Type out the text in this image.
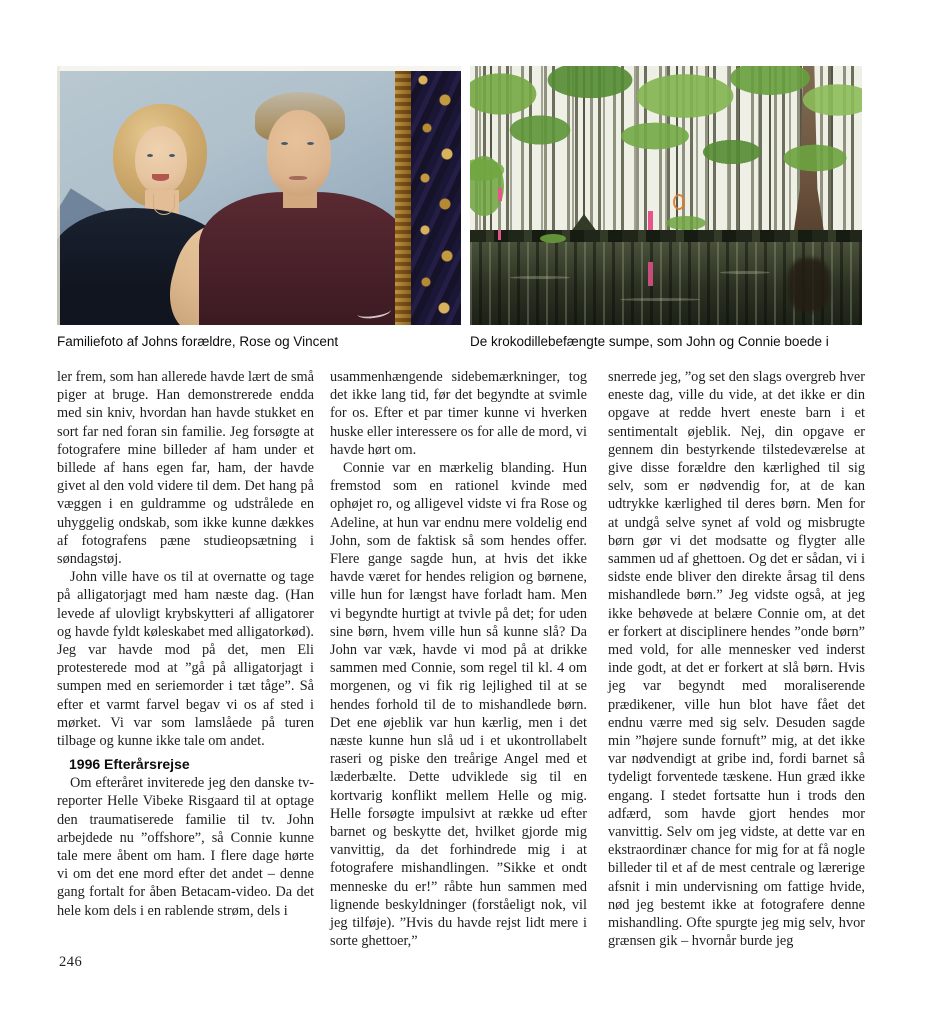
Familiefoto af Johns forældre, Rose og Vincent	De krokodillebefængte sumpe, som John og Connie boede i

ler frem, som han allerede havde lært de små piger at bruge. Han demonstrerede endda med sin kniv, hvordan han havde stukket en sort far ned foran sin familie. Jeg forsøgte at fotografere mine billeder af ham under et billede af hans egen far, ham, der havde givet al den vold videre til dem. Det hang på væggen i en guldramme og udstrålede en uhyggelig ondskab, som ikke kunne dækkes af fotografens pæne studieopsætning i søndagstøj.

John ville have os til at overnatte og tage på alligatorjagt med ham næste dag. (Han levede af ulovligt krybskytteri af alligatorer og havde fyldt køleskabet med alligatorkød). Jeg var havde mod på det, men Eli protesterede mod at ”gå på alligatorjagt i sumpen med en seriemorder i tæt tåge”. Så efter et varmt farvel begav vi os af sted i mørket. Vi var som lamslåede på turen tilbage og kunne ikke tale om andet.

1996 Efterårsrejse

Om efteråret inviterede jeg den danske tv-reporter Helle Vibeke Risgaard til at optage den traumatiserede familie til tv. John arbejdede nu ”offshore”, så Connie kunne tale mere åbent om ham. I flere dage hørte vi om det ene mord efter det andet – denne gang fortalt for åben Betacam-video. Da det hele kom dels i en rablende strøm, dels i

usammenhængende sidebemærkninger, tog det ikke lang tid, før det begyndte at svimle for os. Efter et par timer kunne vi hverken huske eller interessere os for alle de mord, vi havde hørt om.

Connie var en mærkelig blanding. Hun fremstod som en rationel kvinde med ophøjet ro, og alligevel vidste vi fra Rose og Adeline, at hun var endnu mere voldelig end John, som de faktisk så som hendes offer. Flere gange sagde hun, at hvis det ikke havde været for hendes religion og børnene, ville hun for længst have forladt ham. Men vi begyndte hurtigt at tvivle på det; for uden sine børn, hvem ville hun så kunne slå? Da John var væk, havde vi mod på at drikke sammen med Connie, som regel til kl. 4 om morgenen, og vi fik rig lejlighed til at se hendes forhold til de to mishandlede børn. Det ene øjeblik var hun kærlig, men i det næste kunne hun slå ud i et ukontrollabelt raseri og piske den treårige Angel med et læderbælte. Dette udviklede sig til en kortvarig konflikt mellem Helle og mig. Helle forsøgte impulsivt at række ud efter barnet og beskytte det, hvilket gjorde mig vanvittig, da det forhindrede mig i at fotografere mishandlingen. ”Sikke et ondt menneske du er!” råbte hun sammen med lignende beskyldninger (forståeligt nok, vil jeg tilføje). ”Hvis du havde rejst lidt mere i sorte ghettoer,”

snerrede jeg, ”og set den slags overgreb hver eneste dag, ville du vide, at det ikke er din opgave at redde hvert eneste barn i et sentimentalt øjeblik. Nej, din opgave er gennem din bestyrkende tilstedeværelse at give disse forældre den kærlighed til sig selv, som er nødvendig for, at de kan udtrykke kærlighed til deres børn. Men for at undgå selve synet af vold og misbrugte børn gør vi det modsatte og flygter alle sammen ud af ghettoen. Og det er sådan, vi i sidste ende bliver den direkte årsag til dens mishandlede børn.” Jeg vidste også, at jeg ikke behøvede at belære Connie om, at det er forkert at disciplinere hendes ”onde børn” med vold, for alle mennesker ved inderst inde godt, at det er forkert at slå børn. Hvis jeg var begyndt med moraliserende prædikener, ville hun blot have fået det endnu værre med sig selv. Desuden sagde min ”højere sunde fornuft” mig, at det ikke var nødvendigt at gribe ind, fordi barnet så tydeligt forventede tæskene. Hun græd ikke engang. I stedet fortsatte hun i trods den adfærd, som havde gjort hendes mor vanvittig. Selv om jeg vidste, at dette var en ekstraordinær chance for mig for at få nogle billeder til et af de mest centrale og lærerige afsnit i min undervisning om fattige hvide, nød jeg bestemt ikke at fotografere denne mishandling. Ofte spurgte jeg mig selv, hvor grænsen gik – hvornår burde jeg

246
